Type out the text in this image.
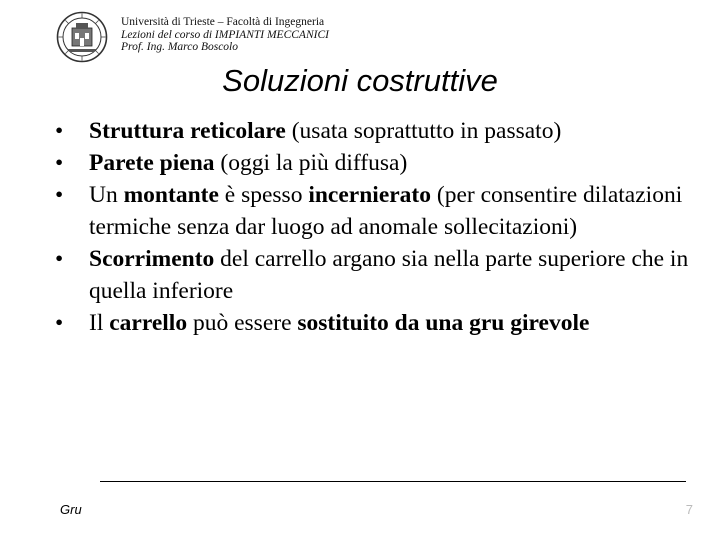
Università di Trieste – Facoltà di Ingegneria
Lezioni del corso di IMPIANTI MECCANICI
Prof. Ing. Marco Boscolo
Soluzioni costruttive
• Struttura reticolare (usata soprattutto in passato)
• Parete piena (oggi la più diffusa)
• Un montante è spesso incernierato (per consentire dilatazioni termiche senza dar luogo ad anomale sollecitazioni)
• Scorrimento del carrello argano sia nella parte superiore che in quella inferiore
• Il carrello può essere sostituito da una gru girevole
Gru	7
